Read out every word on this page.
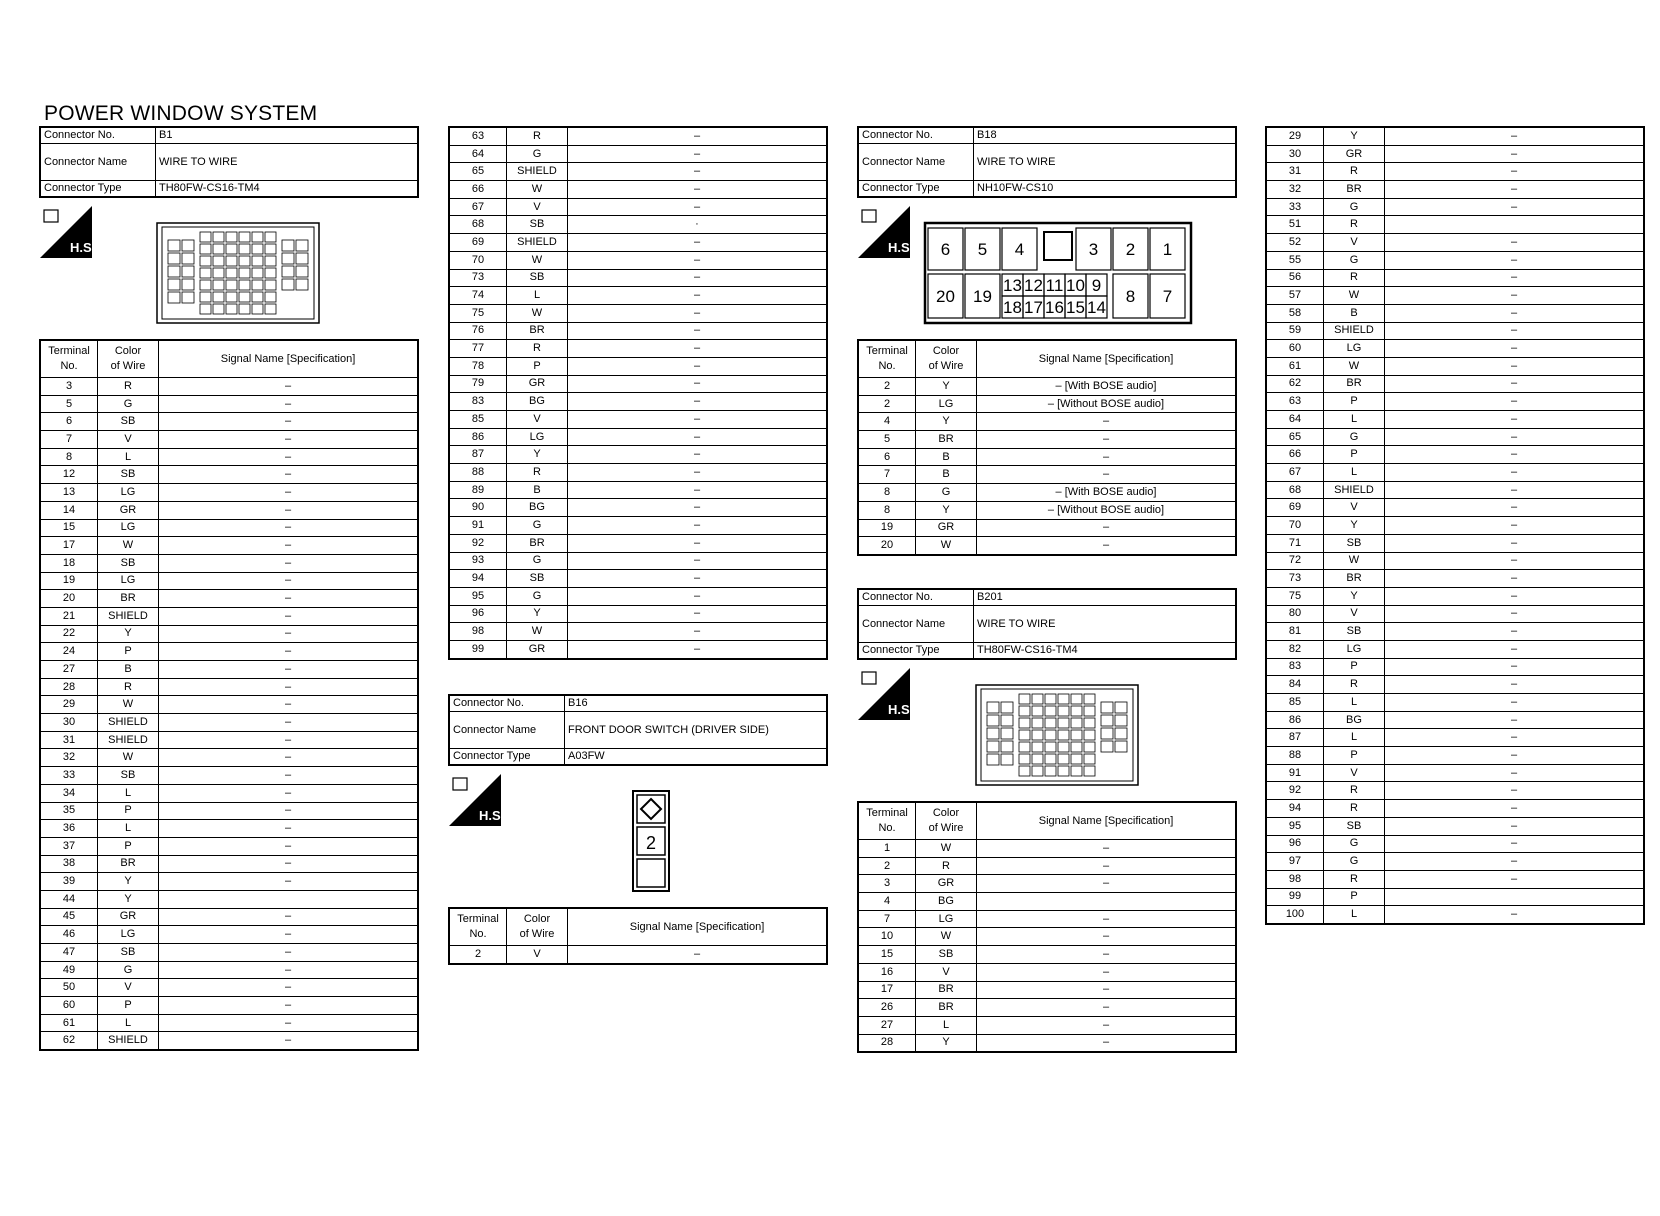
POWER WINDOW SYSTEM
Connector No.	B1
Connector Name	WIRE TO WIRE
Connector Type	TH80FW-CS16-TM4
H.S.
Terminal
No.	Color
of Wire	Signal Name [Specification]
3	R	–
5	G	–
6	SB	–
7	V	–
8	L	–
12	SB	–
13	LG	–
14	GR	–
15	LG	–
17	W	–
18	SB	–
19	LG	–
20	BR	–
21	SHIELD	–
22	Y	–
24	P	–
27	B	–
28	R	–
29	W	–
30	SHIELD	–
31	SHIELD	–
32	W	–
33	SB	–
34	L	–
35	P	–
36	L	–
37	P	–
38	BR	–
39	Y	–
44	Y	
45	GR	–
46	LG	–
47	SB	–
49	G	–
50	V	–
60	P	–
61	L	–
62	SHIELD	–
63	R	–
64	G	–
65	SHIELD	–
66	W	–
67	V	–
68	SB	·
69	SHIELD	–
70	W	–
73	SB	–
74	L	–
75	W	–
76	BR	–
77	R	–
78	P	–
79	GR	–
83	BG	–
85	V	–
86	LG	–
87	Y	–
88	R	–
89	B	–
90	BG	–
91	G	–
92	BR	–
93	G	–
94	SB	–
95	G	–
96	Y	–
98	W	–
99	GR	–
Connector No.	B16
Connector Name	FRONT DOOR SWITCH (DRIVER SIDE)
Connector Type	A03FW
H.S.
2
Terminal
No.	Color
of Wire	Signal Name [Specification]
2	V	–
Connector No.	B18
Connector Name	WIRE TO WIRE
Connector Type	NH10FW-CS10
H.S. 6 5 4	3 2 1
20 19
13 12 11 10 9
18 17 16 15 14
8 7
Terminal
No.	Color
of Wire	Signal Name [Specification]
2	Y	– [With BOSE audio]
2	LG	– [Without BOSE audio]
4	Y	–
5	BR	–
6	B	–
7	B	–
8	G	– [With BOSE audio]
8	Y	– [Without BOSE audio]
19	GR	–
20	W	–
Connector No.	B201
Connector Name	WIRE TO WIRE
Connector Type	TH80FW-CS16-TM4
H.S.
Terminal
No.	Color
of Wire	Signal Name [Specification]
1	W	–
2	R	–
3	GR	–
4	BG	
7	LG	–
10	W	–
15	SB	–
16	V	–
17	BR	–
26	BR	–
27	L	–
28	Y	–
29	Y	–
30	GR	–
31	R	–
32	BR	–
33	G	–
51	R	
52	V	–
55	G	–
56	R	–
57	W	–
58	B	–
59	SHIELD	–
60	LG	–
61	W	–
62	BR	–
63	P	–
64	L	–
65	G	–
66	P	–
67	L	–
68	SHIELD	–
69	V	–
70	Y	–
71	SB	–
72	W	–
73	BR	–
75	Y	–
80	V	–
81	SB	–
82	LG	–
83	P	–
84	R	–
85	L	–
86	BG	–
87	L	–
88	P	–
91	V	–
92	R	–
94	R	–
95	SB	–
96	G	–
97	G	–
98	R	–
99	P	
100	L	–
